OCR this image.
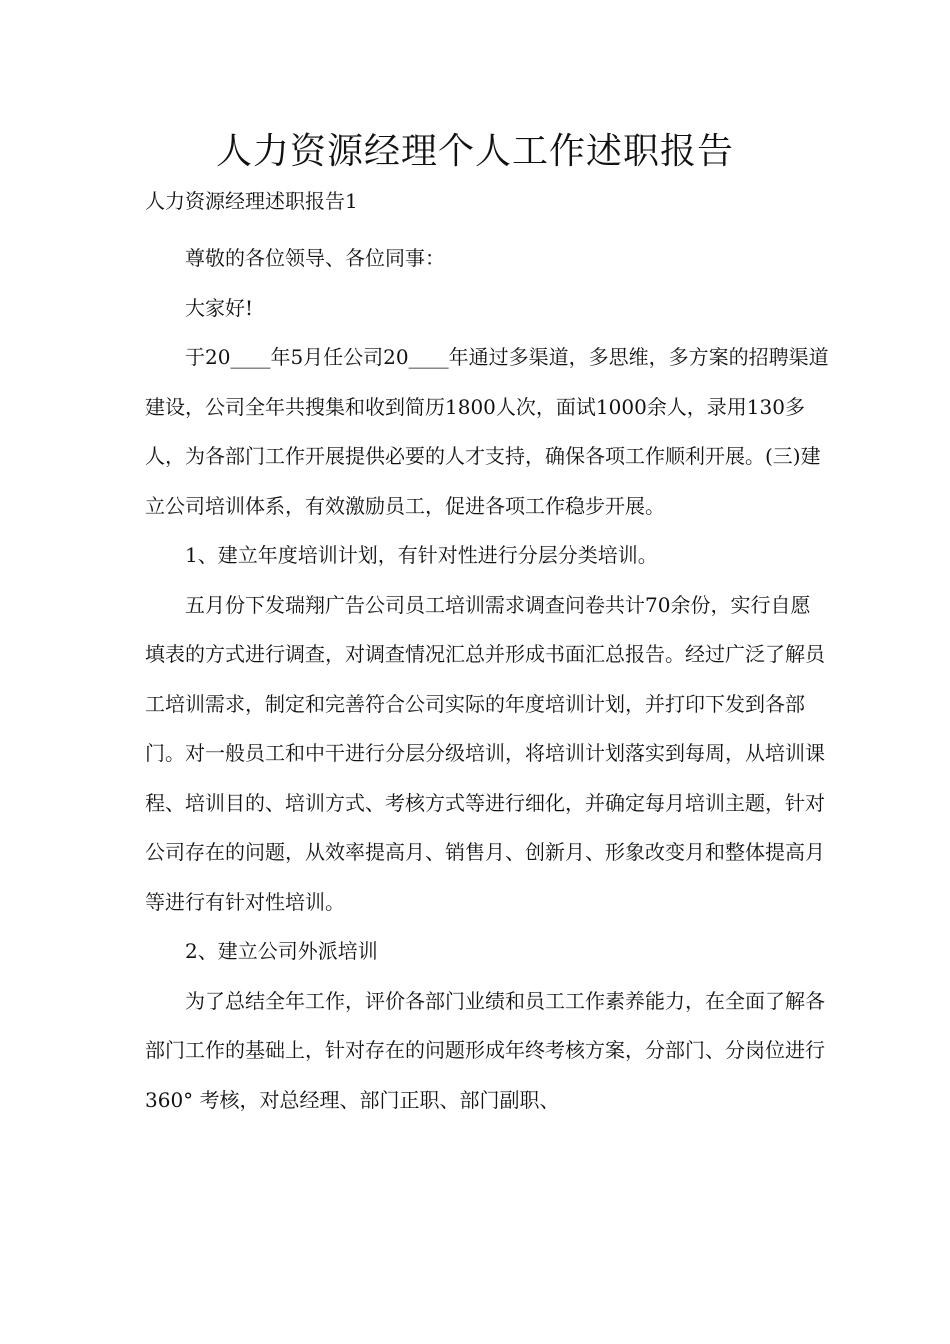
人力资源经理个人工作述职报告
人力资源经理述职报告1

尊敬的各位领导、各位同事：

大家好!

于20____年5月任公司20____年通过多渠道，多思维，多方案的招聘渠道建设，公司全年共搜集和收到简历1800人次，面试1000余人，录用130多人，为各部门工作开展提供必要的人才支持，确保各项工作顺利开展。(三)建立公司培训体系，有效激励员工，促进各项工作稳步开展。

1、建立年度培训计划，有针对性进行分层分类培训。

五月份下发瑞翔广告公司员工培训需求调查问卷共计70余份，实行自愿填表的方式进行调查，对调查情况汇总并形成书面汇总报告。经过广泛了解员工培训需求，制定和完善符合公司实际的年度培训计划，并打印下发到各部门。对一般员工和中干进行分层分级培训，将培训计划落实到每周，从培训课程、培训目的、培训方式、考核方式等进行细化，并确定每月培训主题，针对公司存在的问题，从效率提高月、销售月、创新月、形象改变月和整体提高月等进行有针对性培训。

2、建立公司外派培训

为了总结全年工作，评价各部门业绩和员工工作素养能力，在全面了解各部门工作的基础上，针对存在的问题形成年终考核方案，分部门、分岗位进行360° 考核，对总经理、部门正职、部门副职、
